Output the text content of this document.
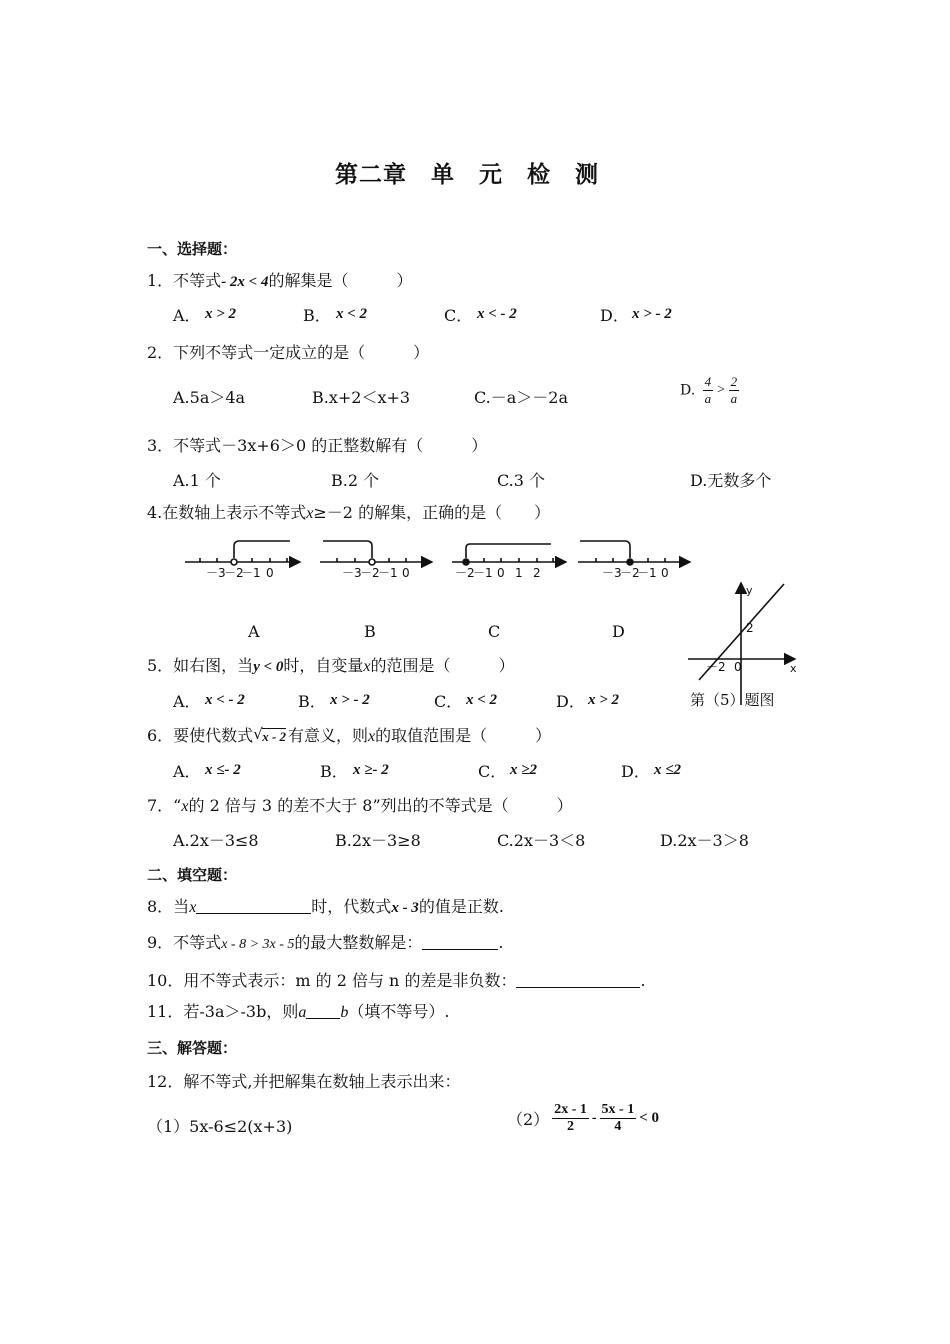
第二章　单　元　检　测
一、选择题：
1．不等式- 2x < 4的解集是（　　　）
A． x > 2	B． x < 2	C． x < - 2	D． x > - 2
2．下列不等式一定成立的是（　　　）
A.5a＞4a	B.x+2＜x+3	C.－a＞－2a	D. $\frac{4}{a} > \frac{2}{a}$
3．不等式－3x+6＞0 的正整数解有（　　　）
A.1 个	B.2 个	C.3 个	D.无数多个
4.在数轴上表示不等式x≥－2 的解集，正确的是（　　）
－3
－2
－1 0	－3
－2
－1 0	－2
－1 0 1 2	－3
－2
－1 0
y
x
－2 0
2
A	B	C	D
5．如右图，当y < 0时，自变量x的范围是（　　　）
A． x < - 2	B． x > - 2	C． x < 2	D． x > 2	第（5）题图
6．要使代数式 √ x - 2 有意义，则x的取值范围是（　　　）
A． x ≤- 2	B． x ≥- 2	C． x ≥2	D． x ≤2
7．“x的 2 倍与 3 的差不大于 8”列出的不等式是（　　　）
A.2x－3≤8	B.2x－3≥8	C.2x－3＜8	D.2x－3＞8
二、填空题：
8．当x	时，代数式x - 3的值是正数.
9．不等式x - 8 > 3x - 5的最大整数解是：	.
10．用不等式表示：m 的 2 倍与 n 的差是非负数：	.
11．若-3a＞-3b，则a b（填不等号）.
三、解答题：
12．解不等式,并把解集在数轴上表示出来：
（1）5x-6≤2(x+3)	$(2) \frac{2x - 1}{2} - \frac{5x - 1}{4} < 0$
